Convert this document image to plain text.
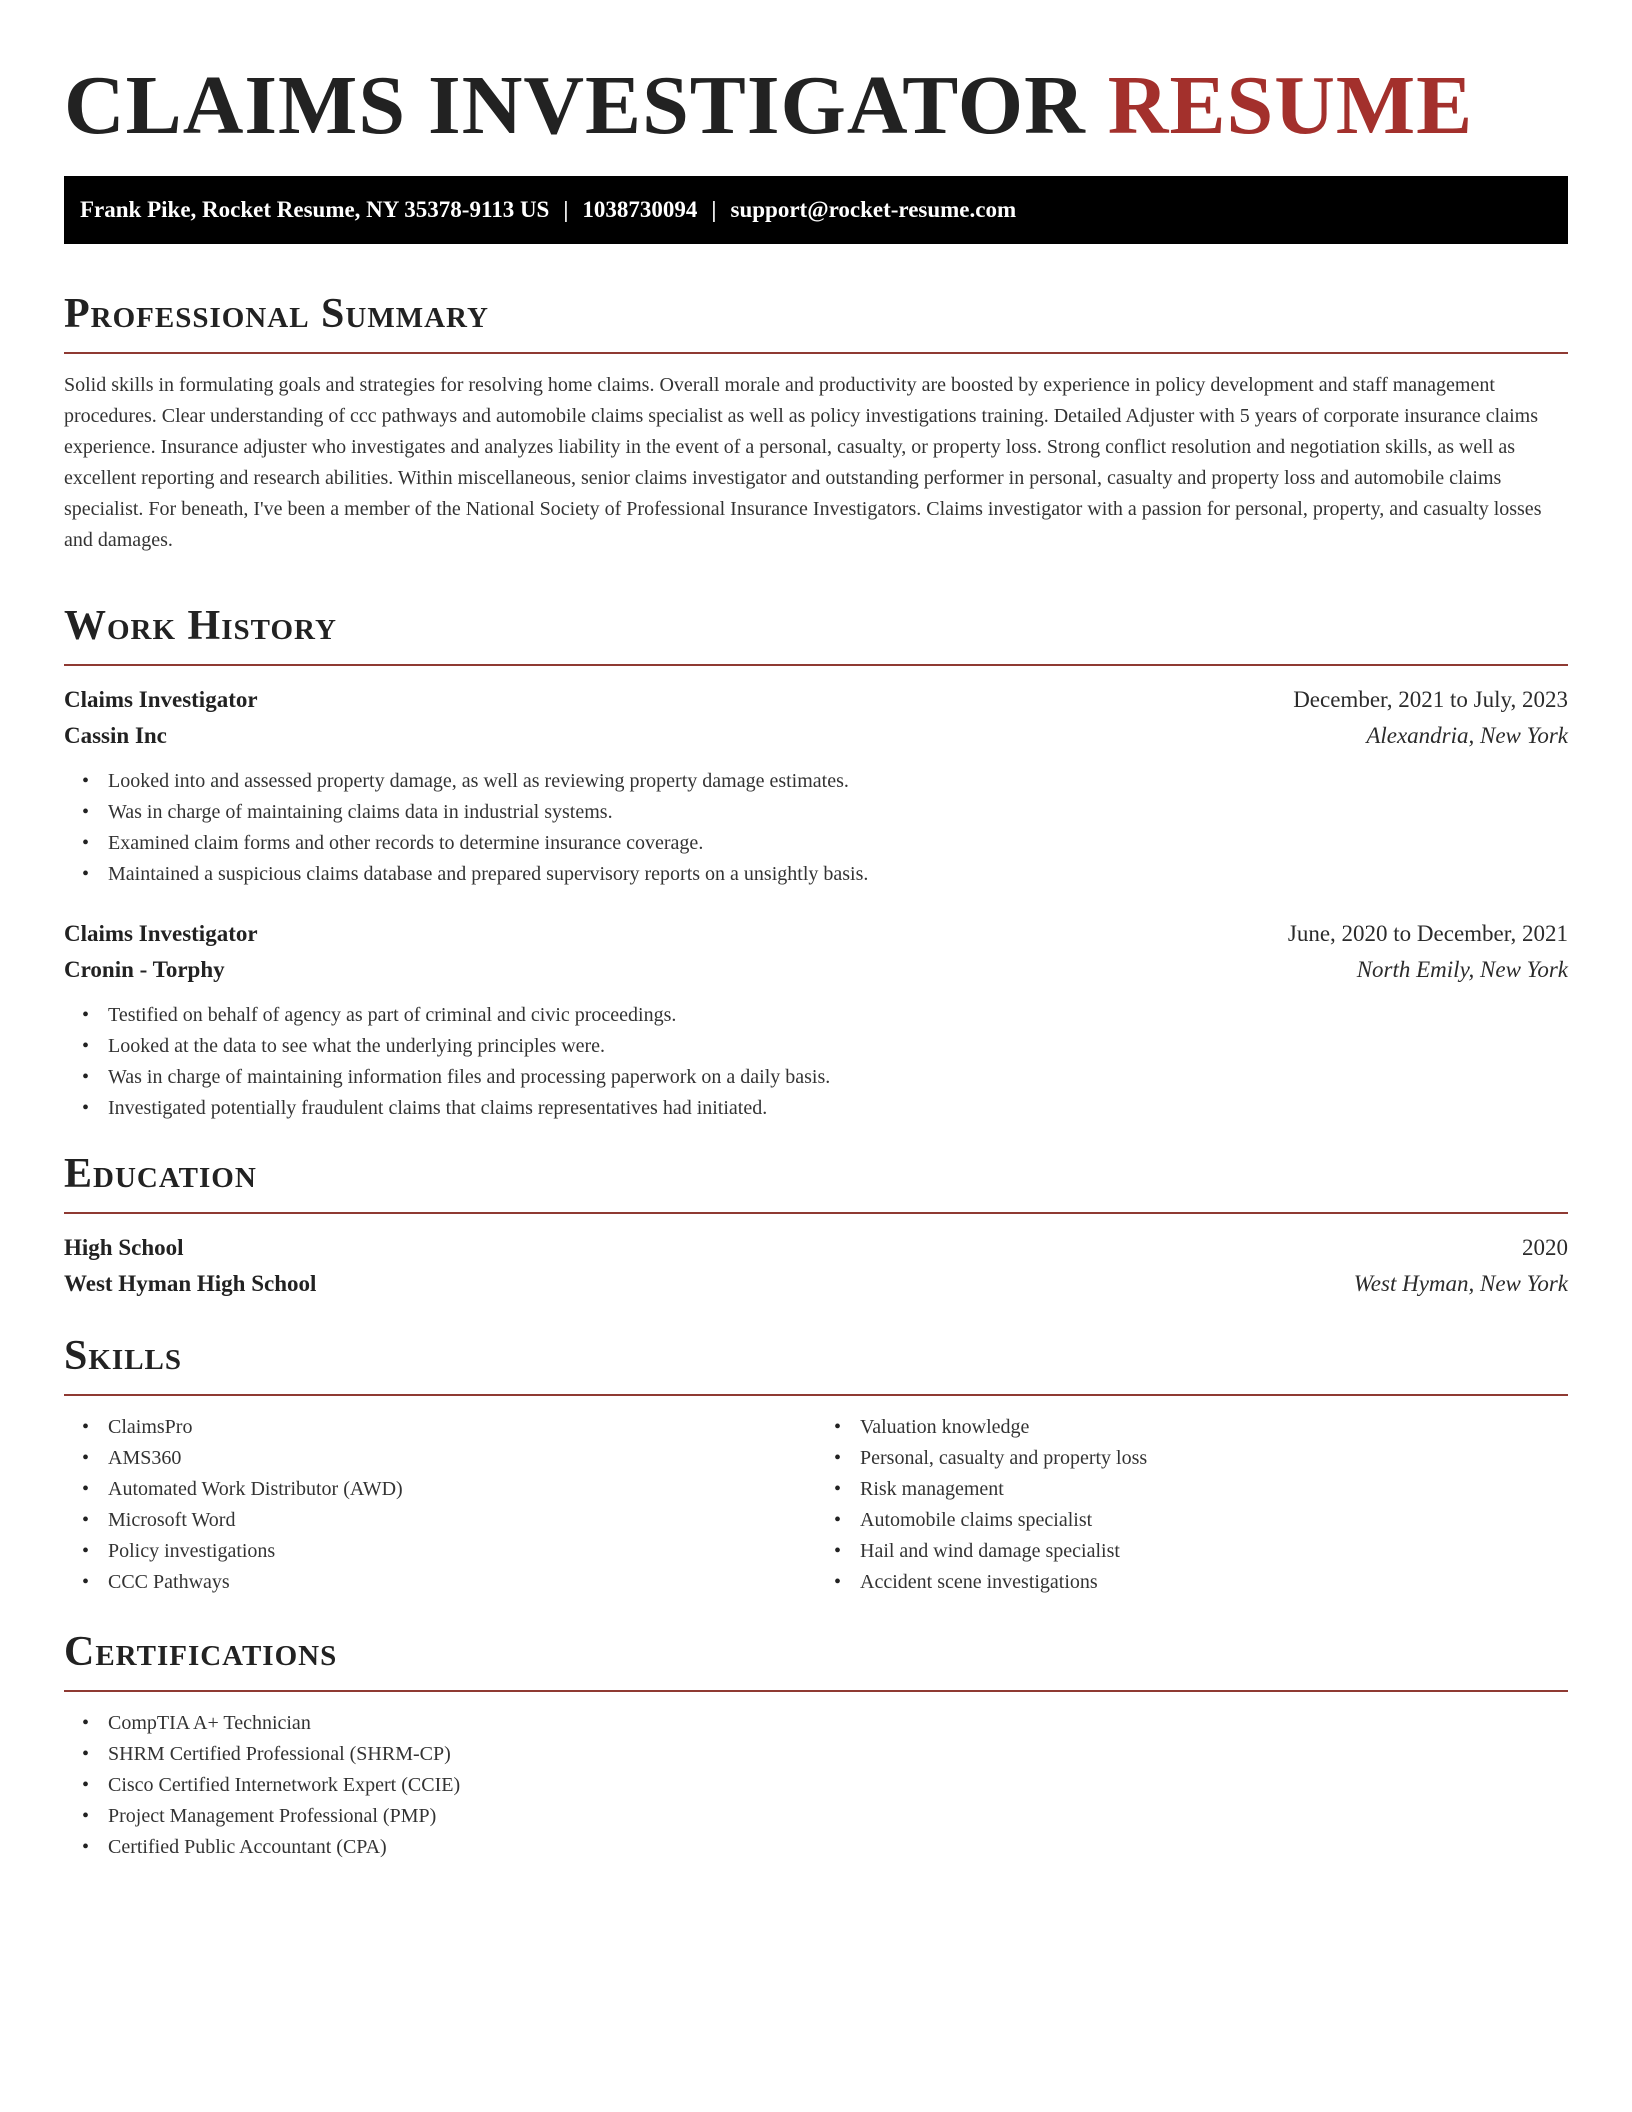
CLAIMS INVESTIGATOR RESUME
Frank Pike, Rocket Resume, NY 35378-9113 US | 1038730094 | support@rocket-resume.com
Professional Summary

Solid skills in formulating goals and strategies for resolving home claims. Overall morale and productivity are boosted by experience in policy development and staff management procedures. Clear understanding of ccc pathways and automobile claims specialist as well as policy investigations training. Detailed Adjuster with 5 years of corporate insurance claims experience. Insurance adjuster who investigates and analyzes liability in the event of a personal, casualty, or property loss. Strong conflict resolution and negotiation skills, as well as excellent reporting and research abilities. Within miscellaneous, senior claims investigator and outstanding performer in personal, casualty and property loss and automobile claims specialist. For beneath, I've been a member of the National Society of Professional Insurance Investigators. Claims investigator with a passion for personal, property, and casualty losses and damages.

Work History
Claims Investigator	December, 2021 to July, 2023
Cassin Inc	Alexandria, New York
• Looked into and assessed property damage, as well as reviewing property damage estimates.
• Was in charge of maintaining claims data in industrial systems.
• Examined claim forms and other records to determine insurance coverage.
• Maintained a suspicious claims database and prepared supervisory reports on a unsightly basis.
Claims Investigator	June, 2020 to December, 2021
Cronin - Torphy	North Emily, New York
• Testified on behalf of agency as part of criminal and civic proceedings.
• Looked at the data to see what the underlying principles were.
• Was in charge of maintaining information files and processing paperwork on a daily basis.
• Investigated potentially fraudulent claims that claims representatives had initiated.
Education
High School	2020
West Hyman High School	West Hyman, New York
Skills
• ClaimsPro
• AMS360
• Automated Work Distributor (AWD)
• Microsoft Word
• Policy investigations
• CCC Pathways
• Valuation knowledge
• Personal, casualty and property loss
• Risk management
• Automobile claims specialist
• Hail and wind damage specialist
• Accident scene investigations
Certifications
• CompTIA A+ Technician
• SHRM Certified Professional (SHRM-CP)
• Cisco Certified Internetwork Expert (CCIE)
• Project Management Professional (PMP)
• Certified Public Accountant (CPA)
